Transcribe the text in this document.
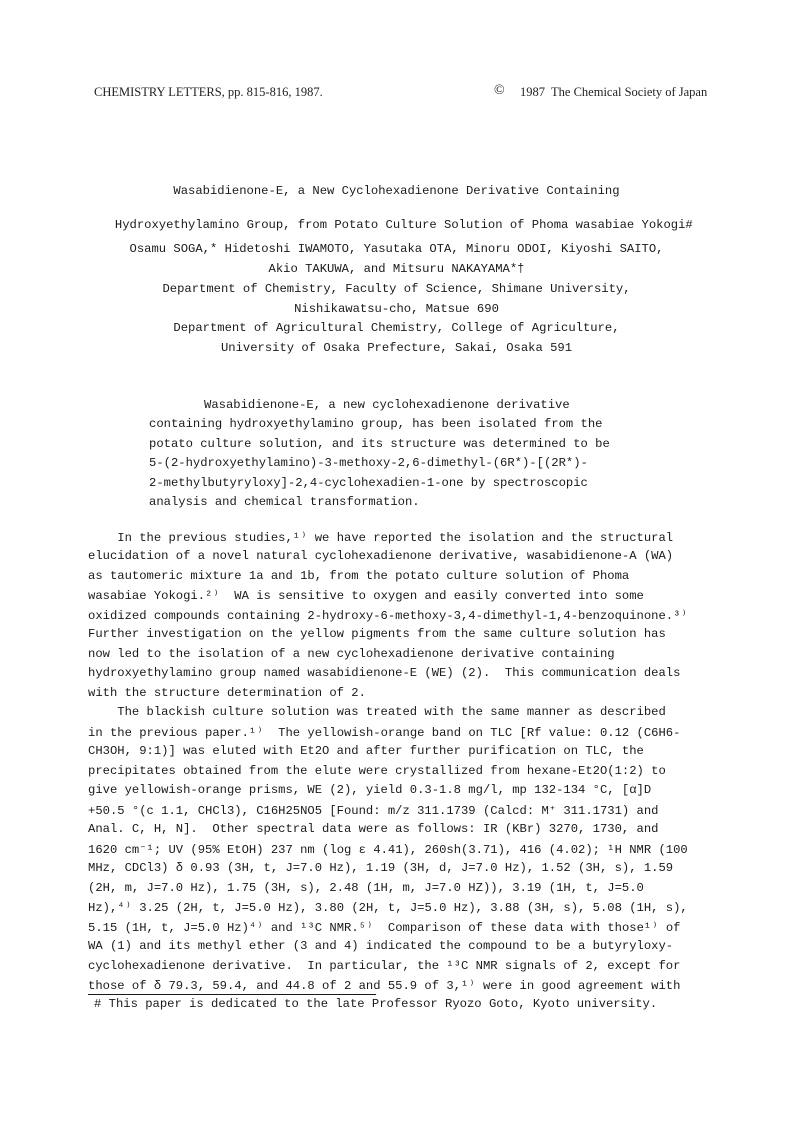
CHEMISTRY LETTERS, pp. 815-816, 1987.	© 1987  The Chemical Society of Japan
Wasabidienone-E, a New Cyclohexadienone Derivative Containing

Hydroxyethylamino Group, from Potato Culture Solution of Phoma wasabiae Yokogi#

Osamu SOGA,* Hidetoshi IWAMOTO, Yasutaka OTA, Minoru ODOI, Kiyoshi SAITO,
Akio TAKUWA, and Mitsuru NAKAYAMA*†
Department of Chemistry, Faculty of Science, Shimane University,
Nishikawatsu-cho, Matsue 690
Department of Agricultural Chemistry, College of Agriculture,
University of Osaka Prefecture, Sakai, Osaka 591
Wasabidienone-E, a new cyclohexadienone derivative
containing hydroxyethylamino group, has been isolated from the
potato culture solution, and its structure was determined to be
5-(2-hydroxyethylamino)-3-methoxy-2,6-dimethyl-(6R*)-[(2R*)-
2-methylbutyryloxy]-2,4-cyclohexadien-1-one by spectroscopic
analysis and chemical transformation.
In the previous studies,¹⁾ we have reported the isolation and the structural
elucidation of a novel natural cyclohexadienone derivative, wasabidienone-A (WA)
as tautomeric mixture 1a and 1b, from the potato culture solution of Phoma
wasabiae Yokogi.²⁾  WA is sensitive to oxygen and easily converted into some
oxidized compounds containing 2-hydroxy-6-methoxy-3,4-dimethyl-1,4-benzoquinone.³⁾
Further investigation on the yellow pigments from the same culture solution has
now led to the isolation of a new cyclohexadienone derivative containing
hydroxyethylamino group named wasabidienone-E (WE) (2).  This communication deals
with the structure determination of 2.
The blackish culture solution was treated with the same manner as described
in the previous paper.¹⁾  The yellowish-orange band on TLC [Rf value: 0.12 (C6H6-
CH3OH, 9:1)] was eluted with Et2O and after further purification on TLC, the
precipitates obtained from the elute were crystallized from hexane-Et2O(1:2) to
give yellowish-orange prisms, WE (2), yield 0.3-1.8 mg/l, mp 132-134 °C, [α]D
+50.5 °(c 1.1, CHCl3), C16H25NO5 [Found: m/z 311.1739 (Calcd: M⁺ 311.1731) and
Anal. C, H, N].  Other spectral data were as follows: IR (KBr) 3270, 1730, and
1620 cm⁻¹; UV (95% EtOH) 237 nm (log ε 4.41), 260sh(3.71), 416 (4.02); ¹H NMR (100
MHz, CDCl3) δ 0.93 (3H, t, J=7.0 Hz), 1.19 (3H, d, J=7.0 Hz), 1.52 (3H, s), 1.59
(2H, m, J=7.0 Hz), 1.75 (3H, s), 2.48 (1H, m, J=7.0 HZ)), 3.19 (1H, t, J=5.0
Hz),⁴⁾ 3.25 (2H, t, J=5.0 Hz), 3.80 (2H, t, J=5.0 Hz), 3.88 (3H, s), 5.08 (1H, s),
5.15 (1H, t, J=5.0 Hz)⁴⁾ and ¹³C NMR.⁵⁾  Comparison of these data with those¹⁾ of
WA (1) and its methyl ether (3 and 4) indicated the compound to be a butyryloxy-
cyclohexadienone derivative.  In particular, the ¹³C NMR signals of 2, except for
those of δ 79.3, 59.4, and 44.8 of 2 and 55.9 of 3,¹⁾ were in good agreement with
# This paper is dedicated to the late Professor Ryozo Goto, Kyoto university.
